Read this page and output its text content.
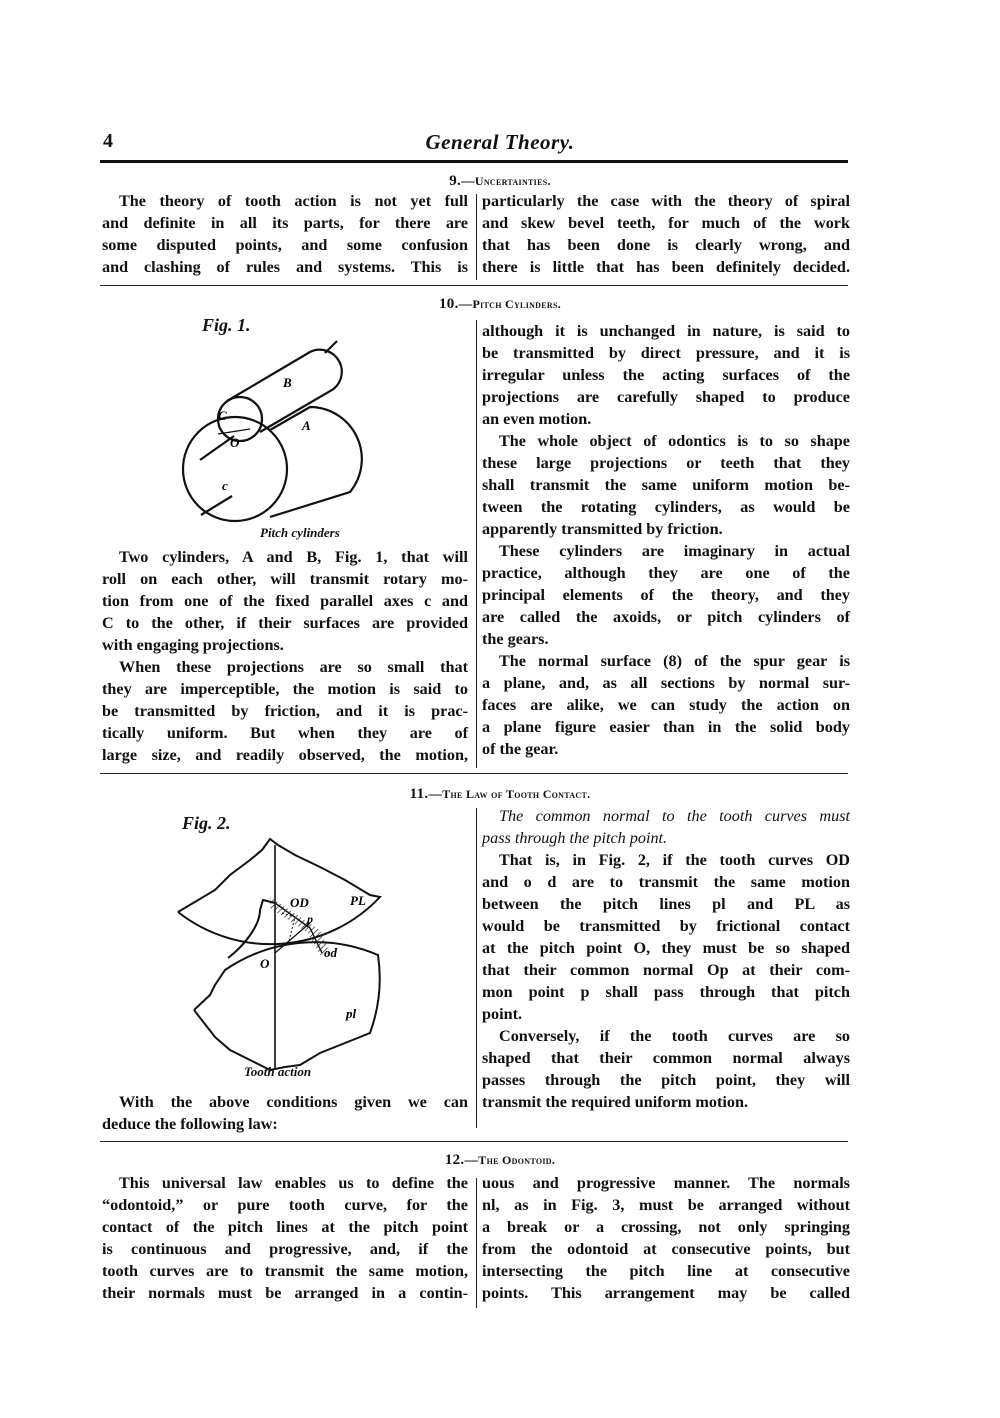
4	General Theory.
9.—Uncertainties.
The theory of tooth action is not yet full
and definite in all its parts, for there are
some disputed points, and some confusion
and clashing of rules and systems. This is
particularly the case with the theory of spiral
and skew bevel teeth, for much of the work
that has been done is clearly wrong, and
there is little that has been definitely decided.
10.—Pitch Cylinders.
Fig. 1.
B
C
A
O
c
Pitch cylinders
Two cylinders, A and B, Fig. 1, that will
roll on each other, will transmit rotary mo-
tion from one of the fixed parallel axes c and
C to the other, if their surfaces are provided
with engaging projections.
When these projections are so small that
they are imperceptible, the motion is said to
be transmitted by friction, and it is prac-
tically uniform. But when they are of
large size, and readily observed, the motion,
although it is unchanged in nature, is said to
be transmitted by direct pressure, and it is
irregular unless the acting surfaces of the
projections are carefully shaped to produce
an even motion.
The whole object of odontics is to so shape
these large projections or teeth that they
shall transmit the same uniform motion be-
tween the rotating cylinders, as would be
apparently transmitted by friction.
These cylinders are imaginary in actual
practice, although they are one of the
principal elements of the theory, and they
are called the axoids, or pitch cylinders of
the gears.
The normal surface (8) of the spur gear is
a plane, and, as all sections by normal sur-
faces are alike, we can study the action on
a plane figure easier than in the solid body
of the gear.
11.—The Law of Tooth Contact.
Fig. 2.
OD	PL
p
od
O
pl
Tooth action
With the above conditions given we can
deduce the following law:
The common normal to the tooth curves must
pass through the pitch point.
That is, in Fig. 2, if the tooth curves OD
and o d are to transmit the same motion
between the pitch lines pl and PL as
would be transmitted by frictional contact
at the pitch point O, they must be so shaped
that their common normal Op at their com-
mon point p shall pass through that pitch
point.
Conversely, if the tooth curves are so
shaped that their common normal always
passes through the pitch point, they will
transmit the required uniform motion.
12.—The Odontoid.
This universal law enables us to define the
“odontoid,” or pure tooth curve, for the
contact of the pitch lines at the pitch point
is continuous and progressive, and, if the
tooth curves are to transmit the same motion,
their normals must be arranged in a contin-
uous and progressive manner. The normals
nl, as in Fig. 3, must be arranged without
a break or a crossing, not only springing
from the odontoid at consecutive points, but
intersecting the pitch line at consecutive
points. This arrangement may be called
